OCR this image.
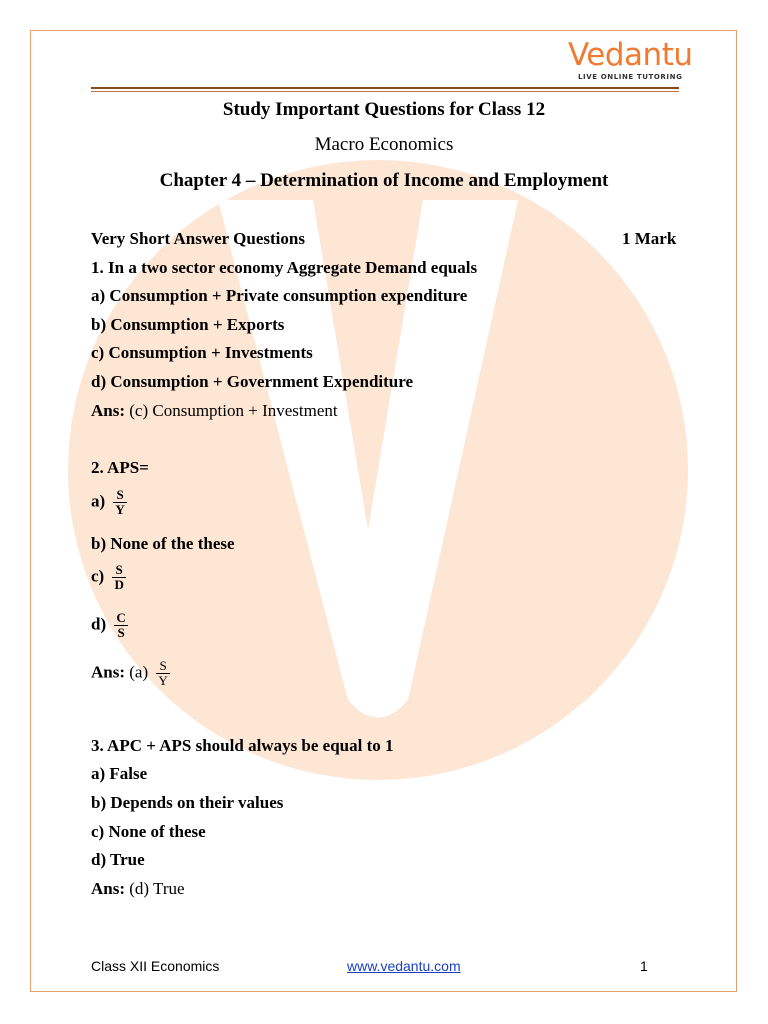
Vedantu
LIVE ONLINE TUTORING
Study Important Questions for Class 12
Macro Economics
Chapter 4 – Determination of Income and Employment
Very Short Answer Questions	1 Mark
1. In a two sector economy Aggregate Demand equals
a) Consumption + Private consumption expenditure
b) Consumption + Exports
c) Consumption + Investments
d) Consumption + Government Expenditure
Ans: (c) Consumption + Investment
2. APS=
$a) \frac{S}{Y}$
b) None of the these
$c) \frac{S}{D}$
$d) \frac{C}{S}$
Ans: $(a) \frac{S}{Y}$
3. APC + APS should always be equal to 1
a) False
b) Depends on their values
c) None of these
d) True
Ans: (d) True
Class XII Economics	www.vedantu.com	1
